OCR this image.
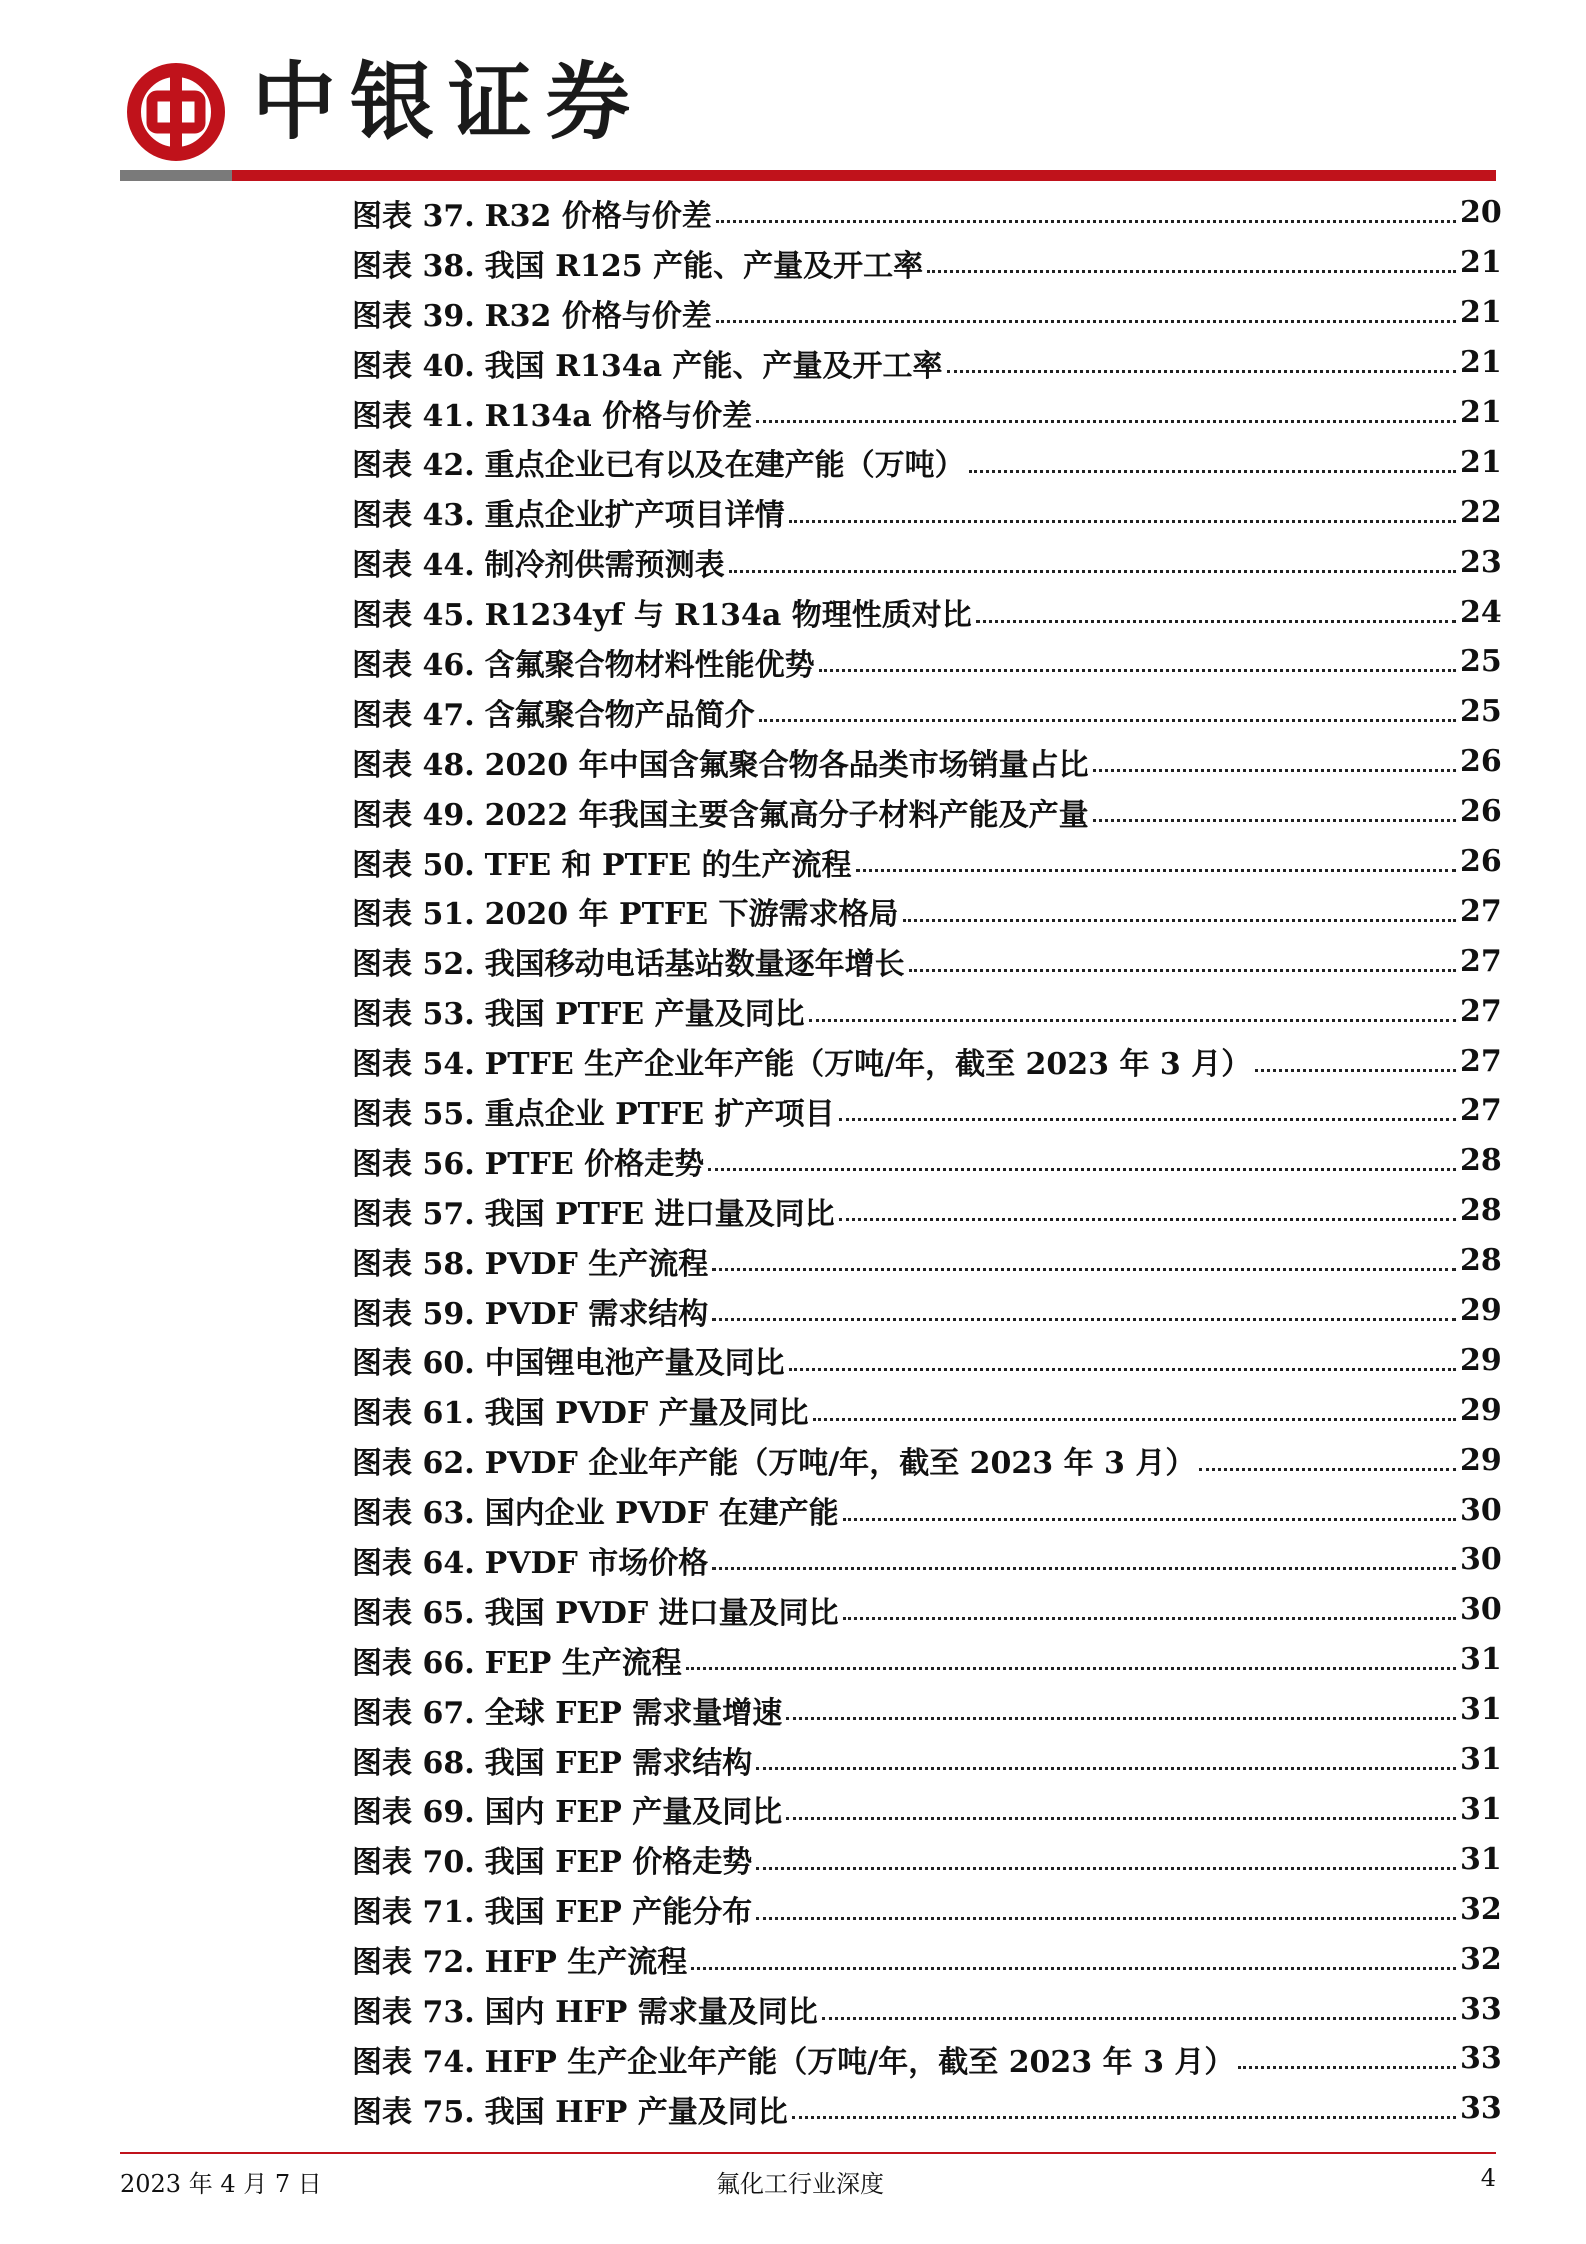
中银证券
图表 37. R32 价格与价差	20
图表 38. 我国 R125 产能、产量及开工率	21
图表 39. R32 价格与价差	21
图表 40. 我国 R134a 产能、产量及开工率	21
图表 41. R134a 价格与价差	21
图表 42. 重点企业已有以及在建产能（万吨）	21
图表 43. 重点企业扩产项目详情	22
图表 44. 制冷剂供需预测表	23
图表 45. R1234yf 与 R134a 物理性质对比	24
图表 46. 含氟聚合物材料性能优势	25
图表 47. 含氟聚合物产品简介	25
图表 48. 2020 年中国含氟聚合物各品类市场销量占比	26
图表 49. 2022 年我国主要含氟高分子材料产能及产量	26
图表 50. TFE 和 PTFE 的生产流程	26
图表 51. 2020 年 PTFE 下游需求格局	27
图表 52. 我国移动电话基站数量逐年增长	27
图表 53. 我国 PTFE 产量及同比	27
图表 54. PTFE 生产企业年产能（万吨/年，截至 2023 年 3 月）	27
图表 55. 重点企业 PTFE 扩产项目	27
图表 56. PTFE 价格走势	28
图表 57. 我国 PTFE 进口量及同比	28
图表 58. PVDF 生产流程	28
图表 59. PVDF 需求结构	29
图表 60. 中国锂电池产量及同比	29
图表 61. 我国 PVDF 产量及同比	29
图表 62. PVDF 企业年产能（万吨/年，截至 2023 年 3 月）	29
图表 63. 国内企业 PVDF 在建产能	30
图表 64. PVDF 市场价格	30
图表 65. 我国 PVDF 进口量及同比	30
图表 66. FEP 生产流程	31
图表 67. 全球 FEP 需求量增速	31
图表 68. 我国 FEP 需求结构	31
图表 69. 国内 FEP 产量及同比	31
图表 70. 我国 FEP 价格走势	31
图表 71. 我国 FEP 产能分布	32
图表 72. HFP 生产流程	32
图表 73. 国内 HFP 需求量及同比	33
图表 74. HFP 生产企业年产能（万吨/年，截至 2023 年 3 月）	33
图表 75. 我国 HFP 产量及同比	33
2023 年 4 月 7 日	氟化工行业深度	4
